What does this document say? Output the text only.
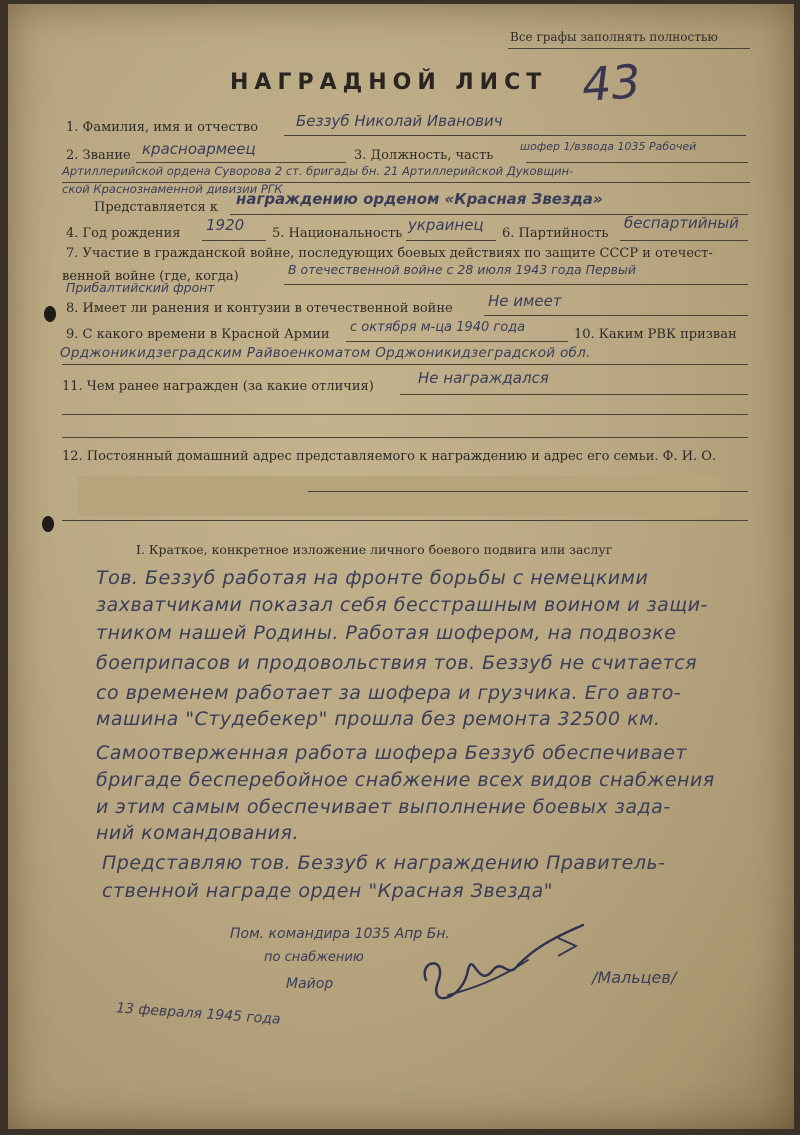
Все графы заполнять полностью
НАГРАДНОЙ ЛИСТ 43
1. Фамилия, имя и отчество	Беззуб Николай Иванович
2. Звание красноармеец	3. Должность, часть
шофер 1/взвода 1035 Рабочей
Артиллерийской ордена Суворова 2 ст. бригады бн. 21 Артиллерийской Дуковщин-
ской Краснознаменной дивизии РГК
Представляется к награждению орденом «Красная Звезда»
4. Год рождения 1920 5. Национальность украинец 6. Партийность
беспартийный
7. Участие в гражданской войне, последующих боевых действиях по защите СССР и отечест-
венной войне (где, когда)	В отечественной войне с 28 июля 1943 года Первый
Прибалтийский фронт
8. Имеет ли ранения и контузии в отечественной войне Не имеет
9. С какого времени в Красной Армии с октября м-ца 1940 года	10. Каким РВК призван
Орджоникидзеградским Райвоенкоматом Орджоникидзеградской обл.
11. Чем ранее награжден (за какие отличия)	Не награждался
12. Постоянный домашний адрес представляемого к награждению и адрес его семьи. Ф. И. О.
I. Краткое, конкретное изложение личного боевого подвига или заслуг
Тов. Беззуб работая на фронте борьбы с немецкими
захватчиками показал себя бесстрашным воином и защи-
тником нашей Родины. Работая шофером, на подвозке
боеприпасов и продовольствия тов. Беззуб не считается
со временем работает за шофера и грузчика. Его авто-
машина "Студебекер" прошла без ремонта 32500 км.
Самоотверженная работа шофера Беззуб обеспечивает
бригаде бесперебойное снабжение всех видов снабжения
и этим самым обеспечивает выполнение боевых зада-
ний командования.
Представляю тов. Беззуб к награждению Правитель-
ственной награде орден "Красная Звезда"
Пом. командира 1035 Апр Бн.
по снабжению
Майор	/Мальцев/
13 февраля 1945 года
